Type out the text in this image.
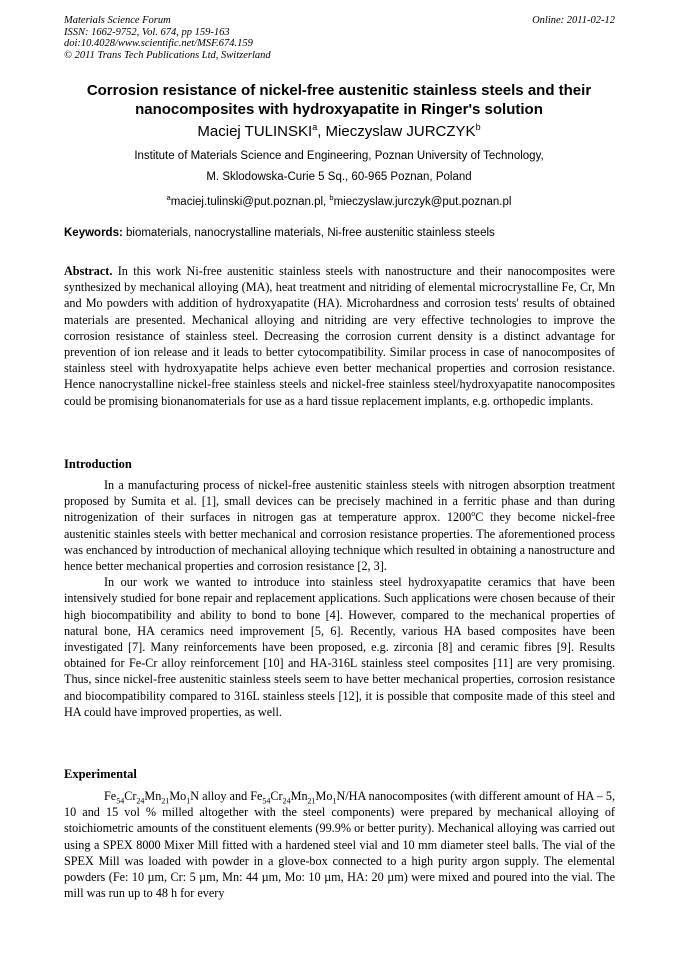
Materials Science Forum
ISSN: 1662-9752, Vol. 674, pp 159-163
doi:10.4028/www.scientific.net/MSF.674.159
© 2011 Trans Tech Publications Ltd, Switzerland
Online: 2011-02-12
Corrosion resistance of nickel-free austenitic stainless steels and their
nanocomposites with hydroxyapatite in Ringer's solution
Maciej TULINSKI$^a$, Mieczyslaw JURCZYK$^b$
Institute of Materials Science and Engineering, Poznan University of Technology,
M. Sklodowska-Curie 5 Sq., 60-965 Poznan, Poland
$^a$maciej.tulinski@put.poznan.pl, $^b$mieczyslaw.jurczyk@put.poznan.pl
Keywords: biomaterials, nanocrystalline materials, Ni-free austenitic stainless steels

Abstract. In this work Ni-free austenitic stainless steels with nanostructure and their nanocomposites were synthesized by mechanical alloying (MA), heat treatment and nitriding of elemental microcrystalline Fe, Cr, Mn and Mo powders with addition of hydroxyapatite (HA). Microhardness and corrosion tests' results of obtained materials are presented. Mechanical alloying and nitriding are very effective technologies to improve the corrosion resistance of stainless steel. Decreasing the corrosion current density is a distinct advantage for prevention of ion release and it leads to better cytocompatibility. Similar process in case of nanocomposites of stainless steel with hydroxyapatite helps achieve even better mechanical properties and corrosion resistance. Hence nanocrystalline nickel-free stainless steels and nickel-free stainless steel/hydroxyapatite nanocomposites could be promising bionanomaterials for use as a hard tissue replacement implants, e.g. orthopedic implants.

Introduction

In a manufacturing process of nickel-free austenitic stainless steels with nitrogen absorption treatment proposed by Sumita et al. [1], small devices can be precisely machined in a ferritic phase and than during nitrogenization of their surfaces in nitrogen gas at temperature approx. 1200$^o$C they become nickel-free austenitic stainles steels with better mechanical and corrosion resistance properties. The aforementioned process was enchanced by introduction of mechanical alloying technique which resulted in obtaining a nanostructure and hence better mechanical properties and corrosion resistance [2, 3].

In our work we wanted to introduce into stainless steel hydroxyapatite ceramics that have been intensively studied for bone repair and replacement applications. Such applications were chosen because of their high biocompatibility and ability to bond to bone [4]. However, compared to the mechanical properties of natural bone, HA ceramics need improvement [5, 6]. Recently, various HA based composites have been investigated [7]. Many reinforcements have been proposed, e.g. zirconia [8] and ceramic fibres [9]. Results obtained for Fe-Cr alloy reinforcement [10] and HA-316L stainless steel composites [11] are very promising. Thus, since nickel-free austenitic stainless steels seem to have better mechanical properties, corrosion resistance and biocompatibility compared to 316L stainless steels [12], it is possible that composite made of this steel and HA could have improved properties, as well.

Experimental

$Fe_{54}Cr_{24}Mn_{21}Mo_1N$ alloy and $Fe_{54}Cr_{24}Mn_{21}Mo_1N/HA$ nanocomposites (with different amount of HA – 5, 10 and 15 vol % milled altogether with the steel components) were prepared by mechanical alloying of stoichiometric amounts of the constituent elements (99.9% or better purity). Mechanical alloying was carried out using a SPEX 8000 Mixer Mill fitted with a hardened steel vial and 10 mm diameter steel balls. The vial of the SPEX Mill was loaded with powder in a glove-box connected to a high purity argon supply. The elemental powders (Fe: 10 µm, Cr: 5 µm, Mn: 44 µm, Mo: 10 µm, HA: 20 µm) were mixed and poured into the vial. The mill was run up to 48 h for every
